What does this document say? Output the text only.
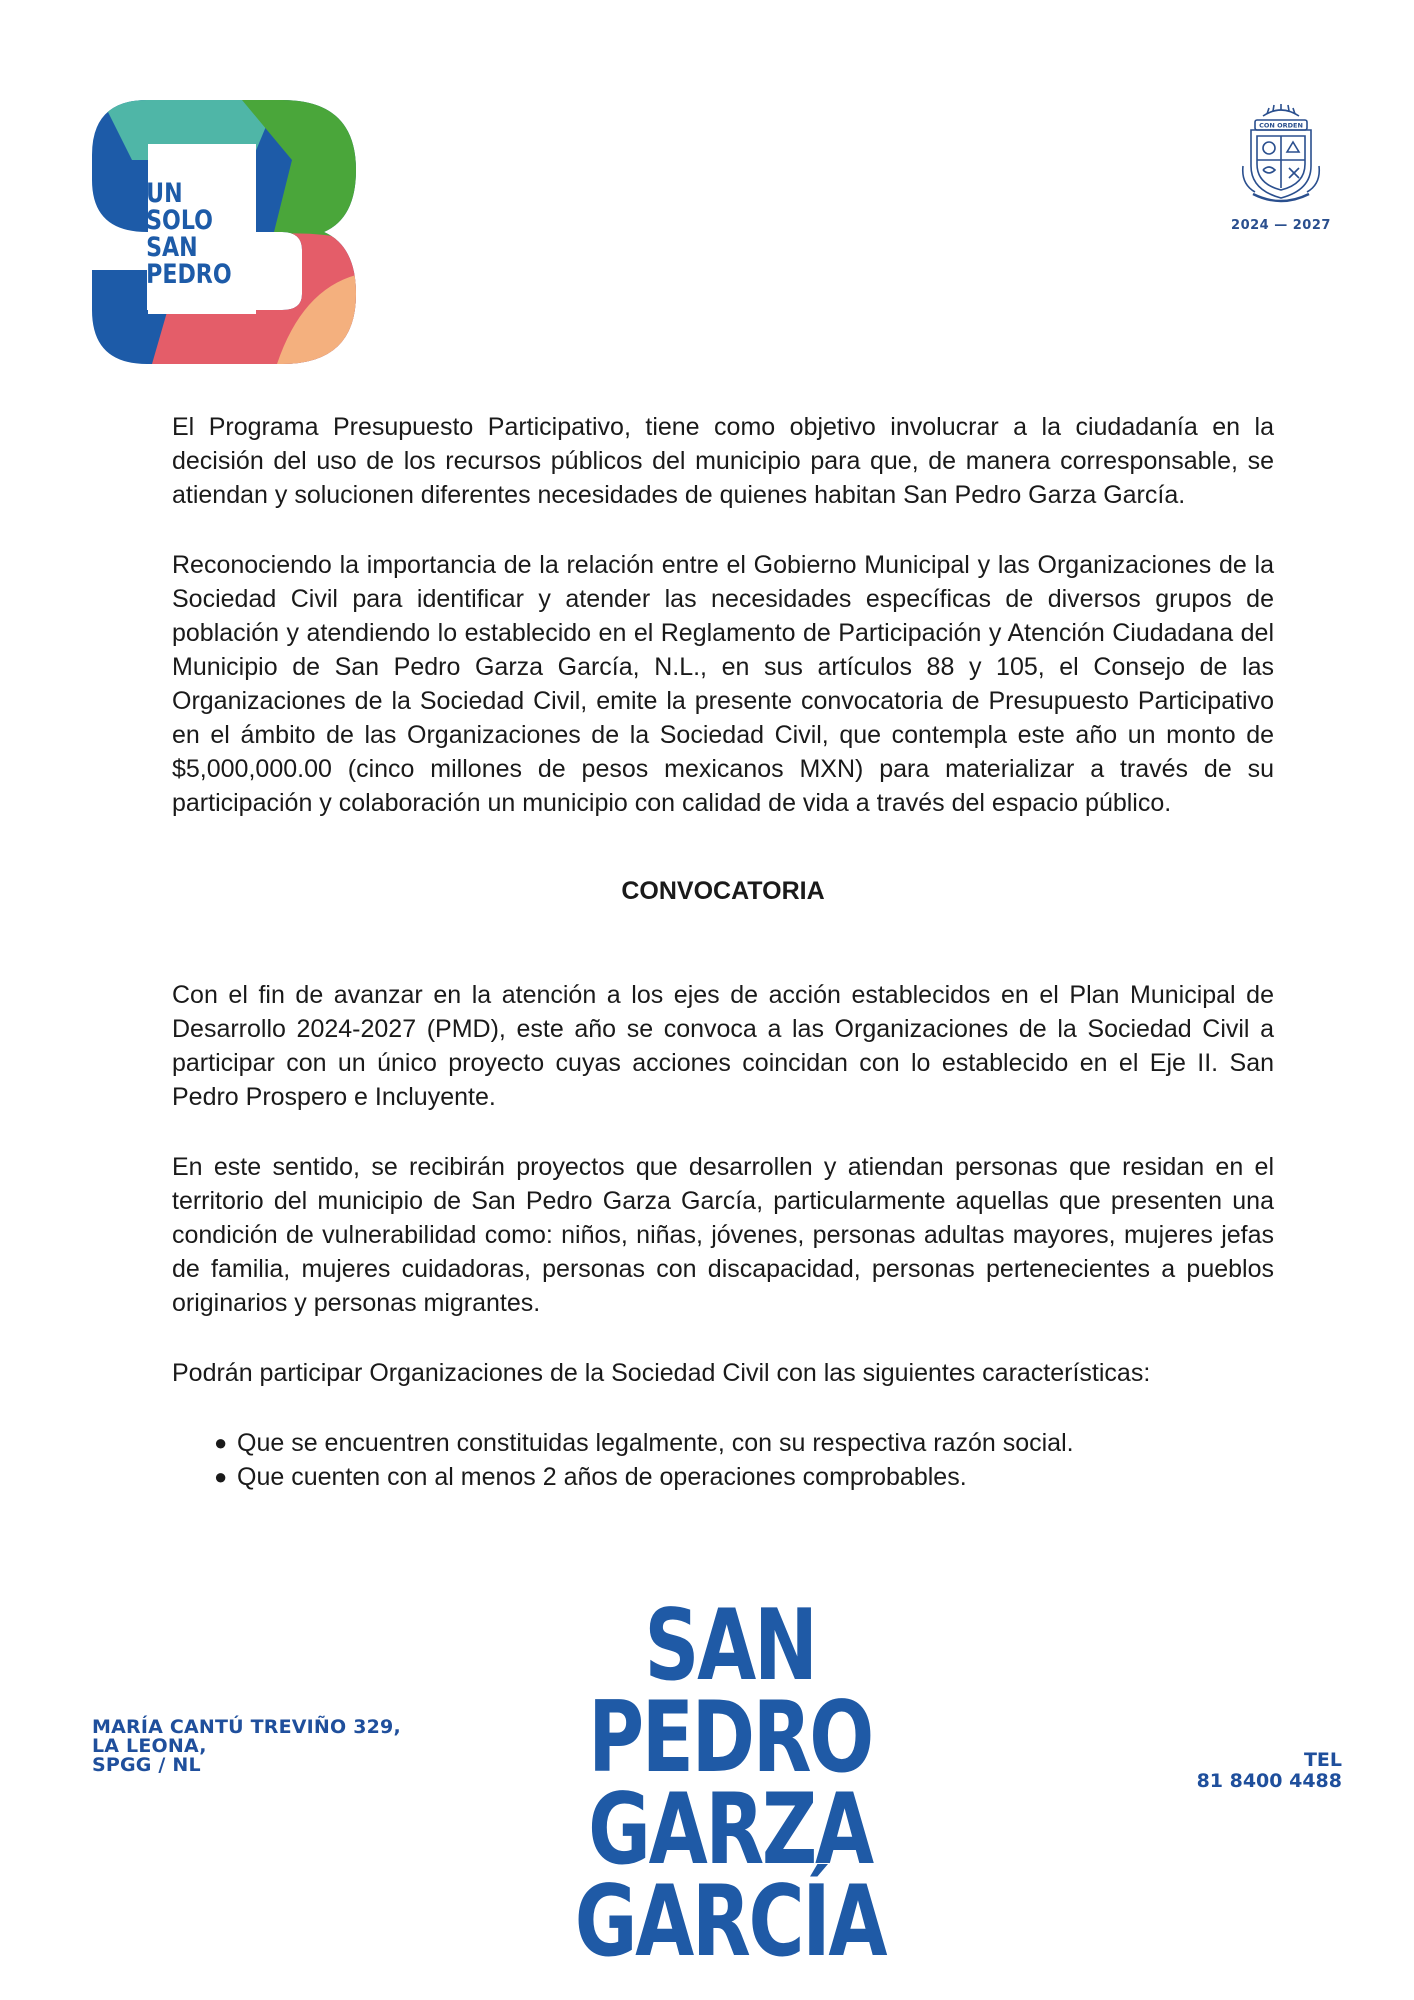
UN
SOLO
SAN
PEDRO
CON ORDEN
2024 — 2027

El Programa Presupuesto Participativo, tiene como objetivo involucrar a la ciudadanía en la decisión del uso de los recursos públicos del municipio para que, de manera corresponsable, se atiendan y solucionen diferentes necesidades de quienes habitan San Pedro Garza García.

Reconociendo la importancia de la relación entre el Gobierno Municipal y las Organizaciones de la Sociedad Civil para identificar y atender las necesidades específicas de diversos grupos de población y atendiendo lo establecido en el Reglamento de Participación y Atención Ciudadana del Municipio de San Pedro Garza García, N.L., en sus artículos 88 y 105, el Consejo de las Organizaciones de la Sociedad Civil, emite la presente convocatoria de Presupuesto Participativo en el ámbito de las Organizaciones de la Sociedad Civil, que contempla este año un monto de $5,000,000.00 (cinco millones de pesos mexicanos MXN) para materializar a través de su participación y colaboración un municipio con calidad de vida a través del espacio público.

CONVOCATORIA

Con el fin de avanzar en la atención a los ejes de acción establecidos en el Plan Municipal de Desarrollo 2024-2027 (PMD), este año se convoca a las Organizaciones de la Sociedad Civil a participar con un único proyecto cuyas acciones coincidan con lo establecido en el Eje II. San Pedro Prospero e Incluyente.

En este sentido, se recibirán proyectos que desarrollen y atiendan personas que residan en el territorio del municipio de San Pedro Garza García, particularmente aquellas que presenten una condición de vulnerabilidad como: niños, niñas, jóvenes, personas adultas mayores, mujeres jefas de familia, mujeres cuidadoras, personas con discapacidad, personas pertenecientes a pueblos originarios y personas migrantes.

Podrán participar Organizaciones de la Sociedad Civil con las siguientes características:

● Que se encuentren constituidas legalmente, con su respectiva razón social.
● Que cuenten con al menos 2 años de operaciones comprobables.
MARÍA CANTÚ TREVIÑO 329,
LA LEONA,
SPGG / NL
SAN PEDRO
GARZA GARCÍA
TEL
81 8400 4488
